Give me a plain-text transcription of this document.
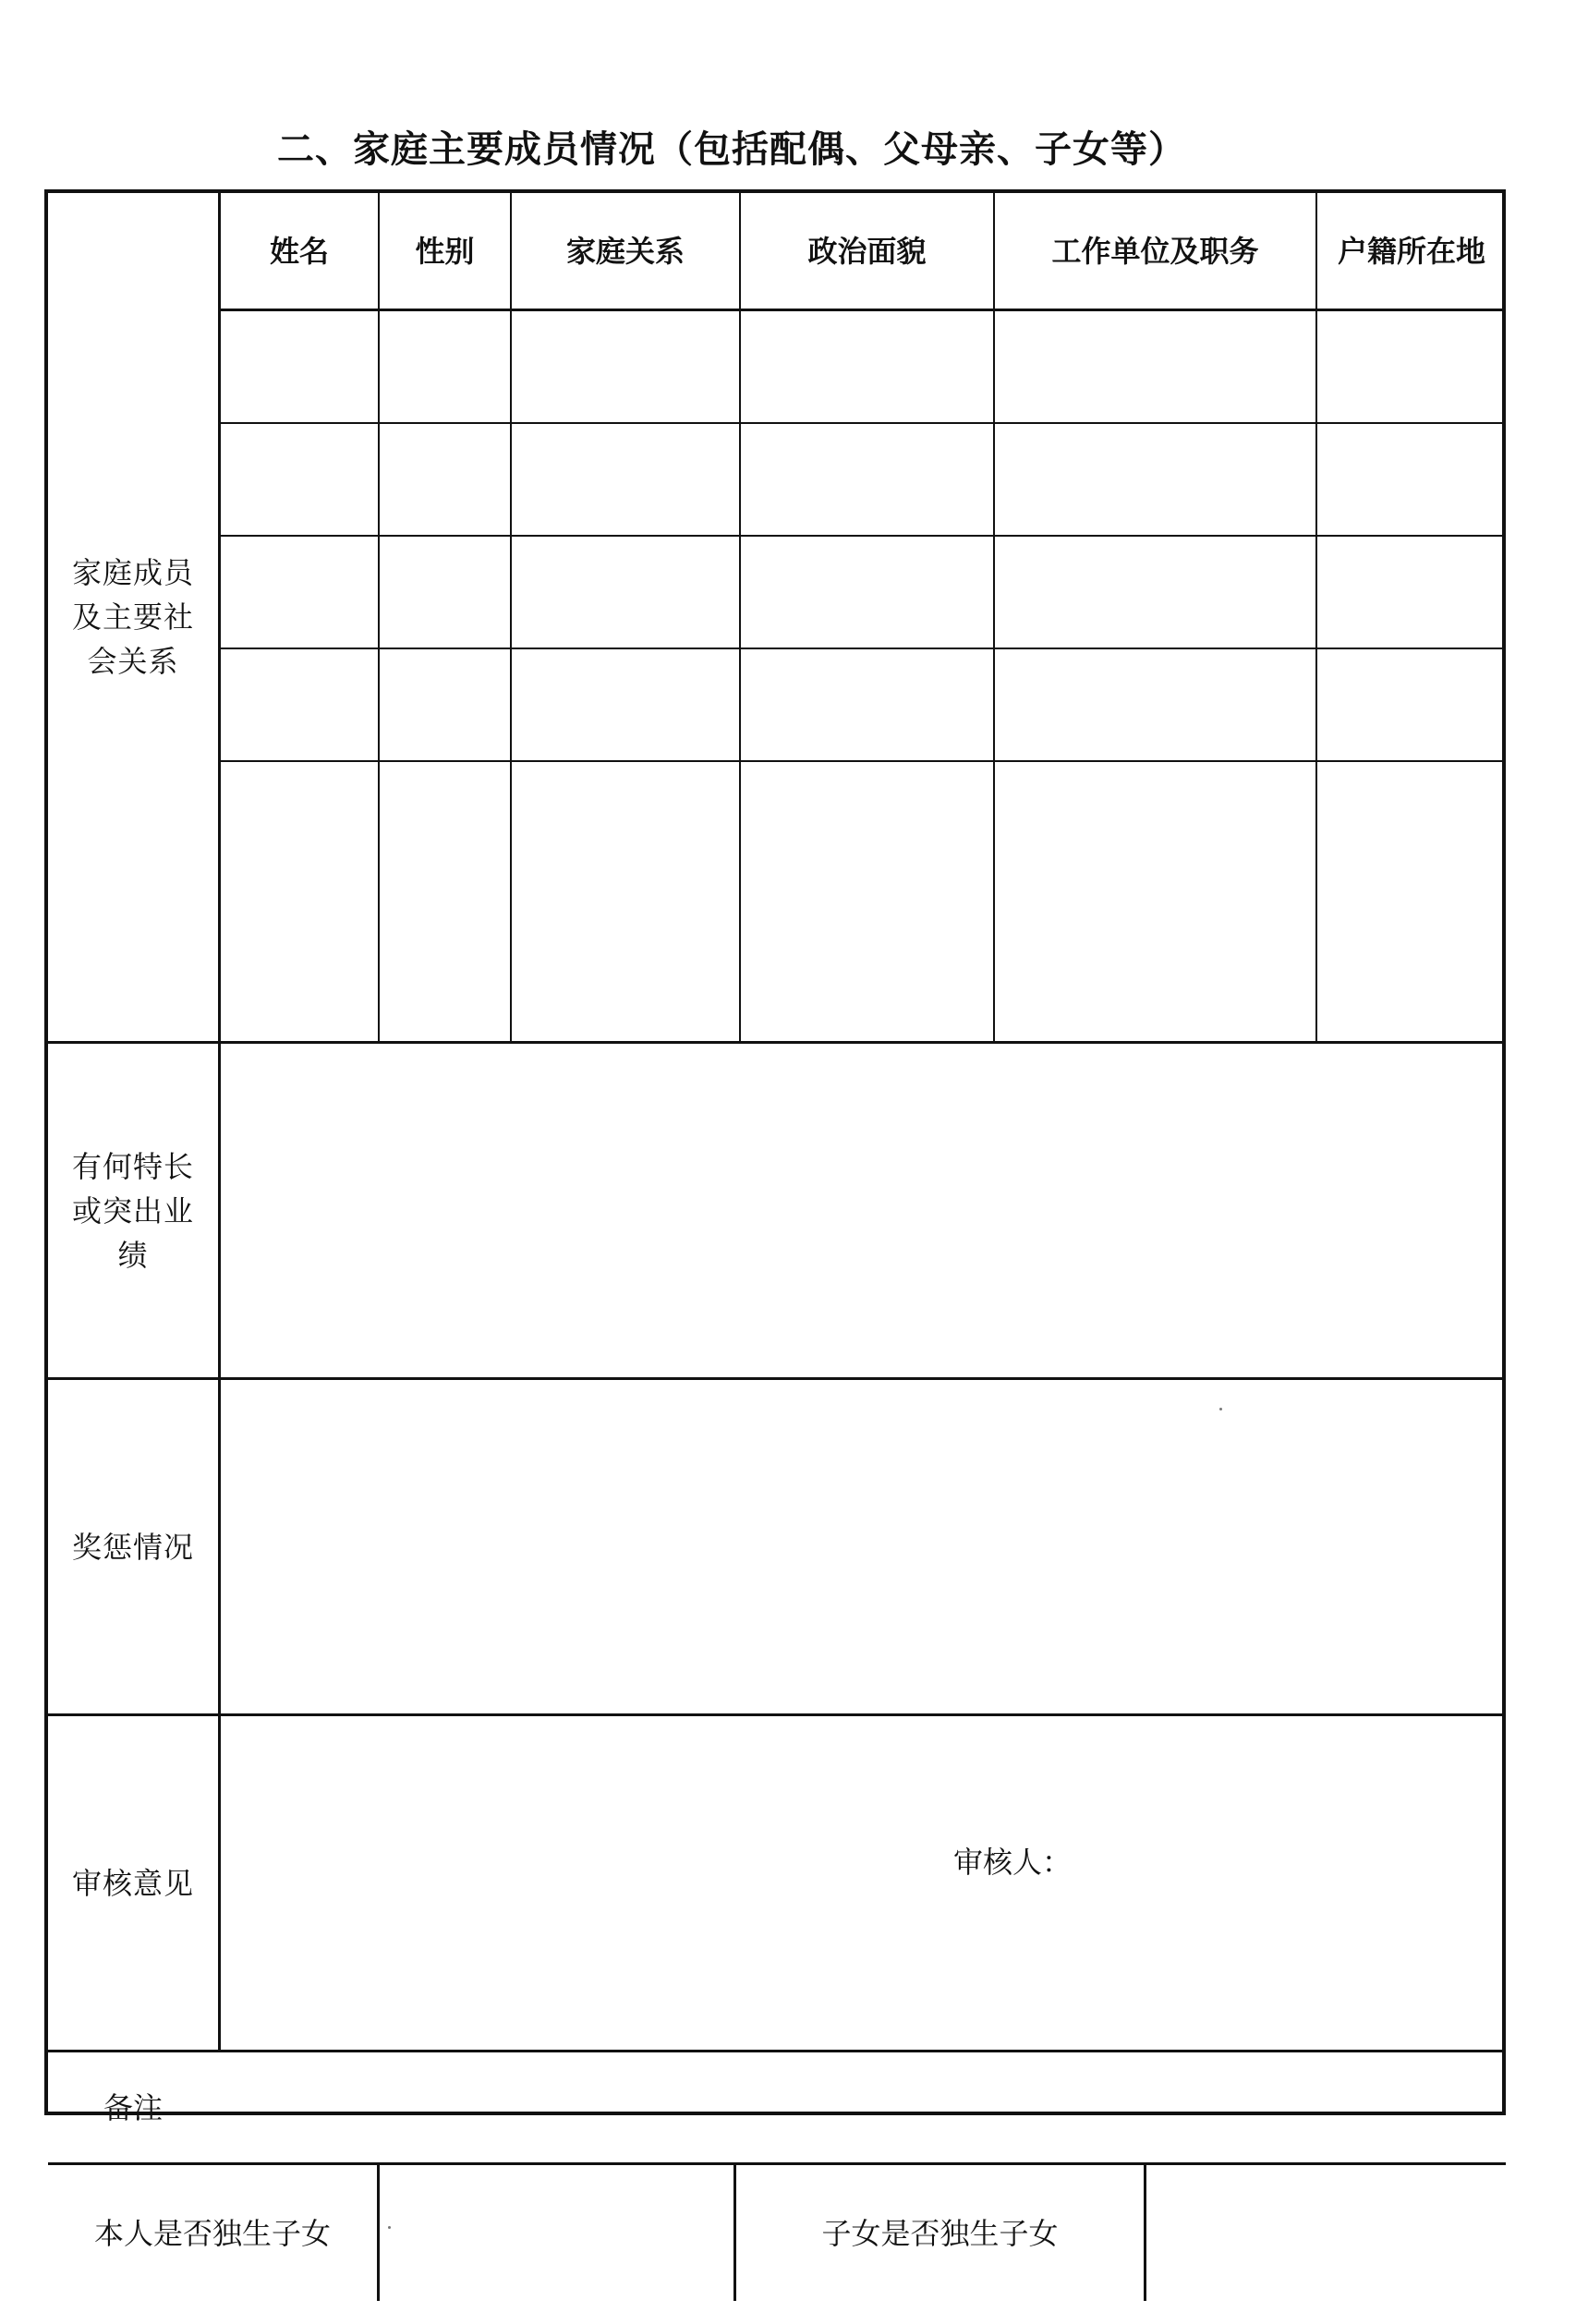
二、家庭主要成员情况（包括配偶、父母亲、子女等）
家庭成员及主要社会关系
姓名	性别	家庭关系	政治面貌	工作单位及职务	户籍所在地
有何特长或突出业绩
奖惩情况
审核意见
审核人：
备注
本人是否独生子女	子女是否独生子女
